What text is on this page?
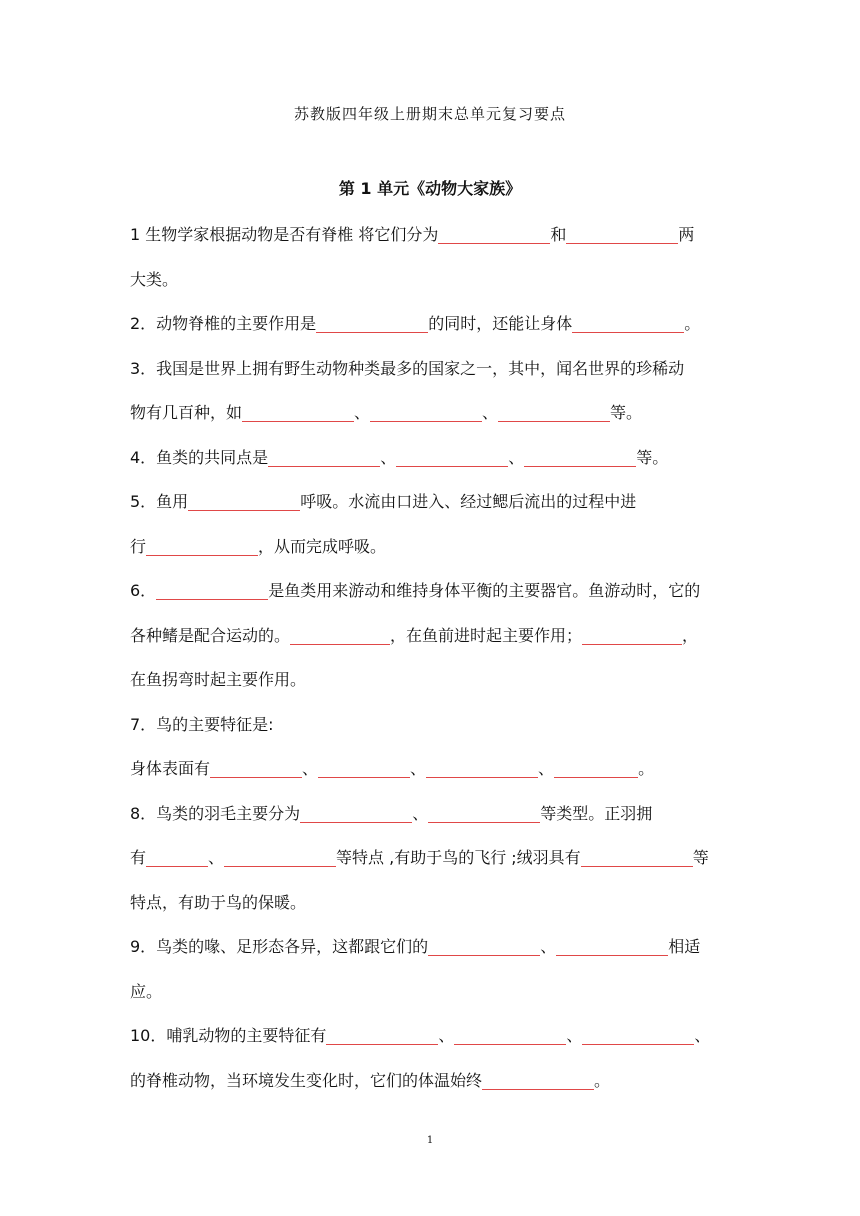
苏教版四年级上册期末总单元复习要点
第 1 单元《动物大家族》

1 生物学家根据动物是否有脊椎 将它们分为	和	两

大类。

2．动物脊椎的主要作用是	的同时，还能让身体	。

3．我国是世界上拥有野生动物种类最多的国家之一，其中，闻名世界的珍稀动

物有几百种，如	、	、	等。

4．鱼类的共同点是	、	、	等。

5．鱼用	呼吸。水流由口进入、经过鳃后流出的过程中进

行	，从而完成呼吸。

6．	是鱼类用来游动和维持身体平衡的主要器官。鱼游动时，它的

各种鳍是配合运动的。	，在鱼前进时起主要作用；	，

在鱼拐弯时起主要作用。

7．鸟的主要特征是:

身体表面有	、	、	、	。

8．鸟类的羽毛主要分为	、	等类型。正羽拥

有	、	等特点 ,有助于鸟的飞行 ;绒羽具有	等

特点，有助于鸟的保暖。

9．鸟类的喙、足形态各异，这都跟它们的	、	相适

应。

10．哺乳动物的主要特征有	、	、	、

的脊椎动物，当环境发生变化时，它们的体温始终	。

1
